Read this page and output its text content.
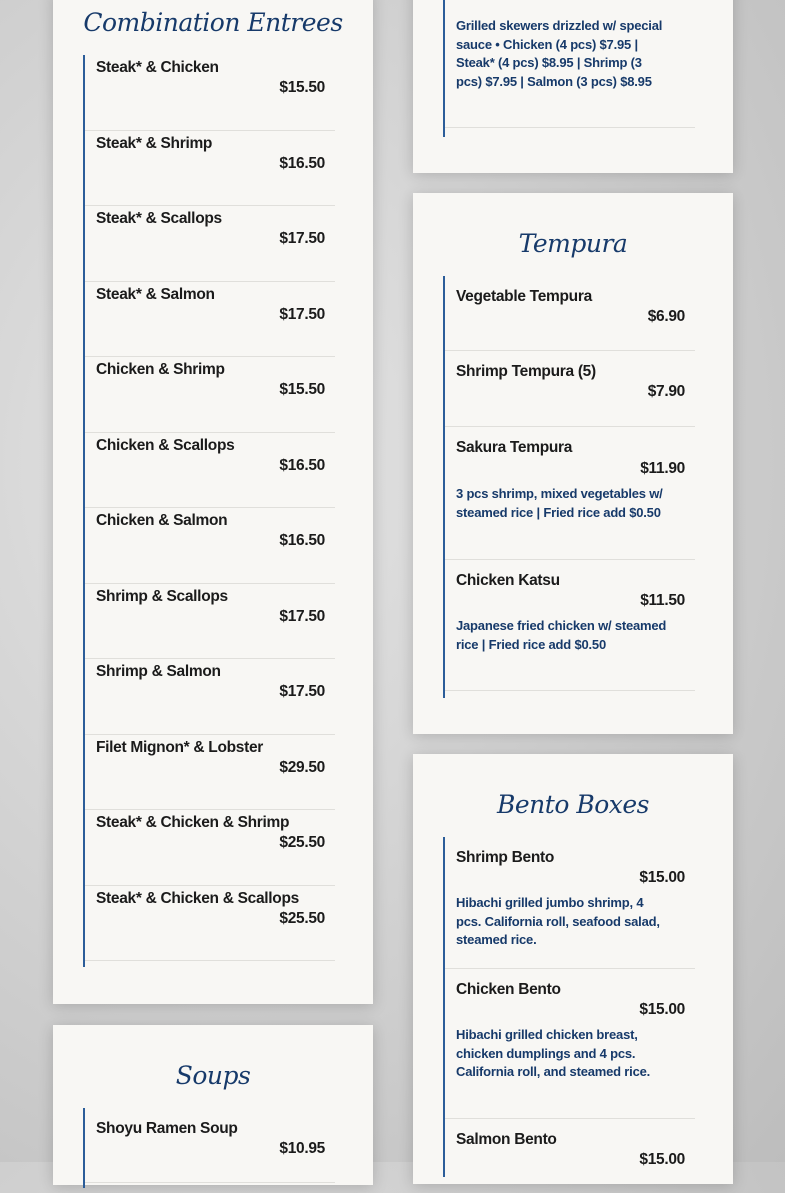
Combination Entrees
Steak* & Chicken
$15.50
Steak* & Shrimp
$16.50
Steak* & Scallops
$17.50
Steak* & Salmon
$17.50
Chicken & Shrimp
$15.50
Chicken & Scallops
$16.50
Chicken & Salmon
$16.50
Shrimp & Scallops
$17.50
Shrimp & Salmon
$17.50
Filet Mignon* & Lobster
$29.50
Steak* & Chicken & Shrimp
$25.50
Steak* & Chicken & Scallops
$25.50
Soups
Shoyu Ramen Soup
$10.95
Grilled skewers drizzled w/ special sauce • Chicken (4 pcs) $7.95 | Steak* (4 pcs) $8.95 | Shrimp (3 pcs) $7.95 | Salmon (3 pcs) $8.95
Tempura
Vegetable Tempura
$6.90
Shrimp Tempura (5)
$7.90
Sakura Tempura
$11.90
3 pcs shrimp, mixed vegetables w/ steamed rice | Fried rice add $0.50
Chicken Katsu
$11.50
Japanese fried chicken w/ steamed rice | Fried rice add $0.50
Bento Boxes
Shrimp Bento
$15.00
Hibachi grilled jumbo shrimp, 4 pcs. California roll, seafood salad, steamed rice.
Chicken Bento
$15.00
Hibachi grilled chicken breast, chicken dumplings and 4 pcs. California roll, and steamed rice.
Salmon Bento
$15.00
